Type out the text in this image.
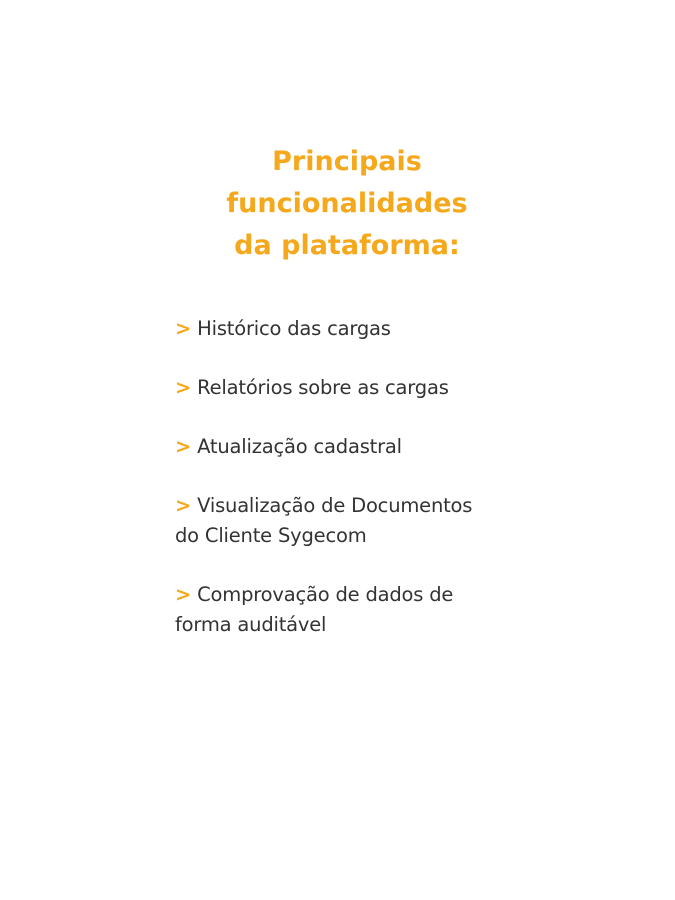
Principais
funcionalidades
da plataforma:
> Histórico das cargas
> Relatórios sobre as cargas
> Atualização cadastral
> Visualização de Documentos
do Cliente Sygecom
> Comprovação de dados de
forma auditável
